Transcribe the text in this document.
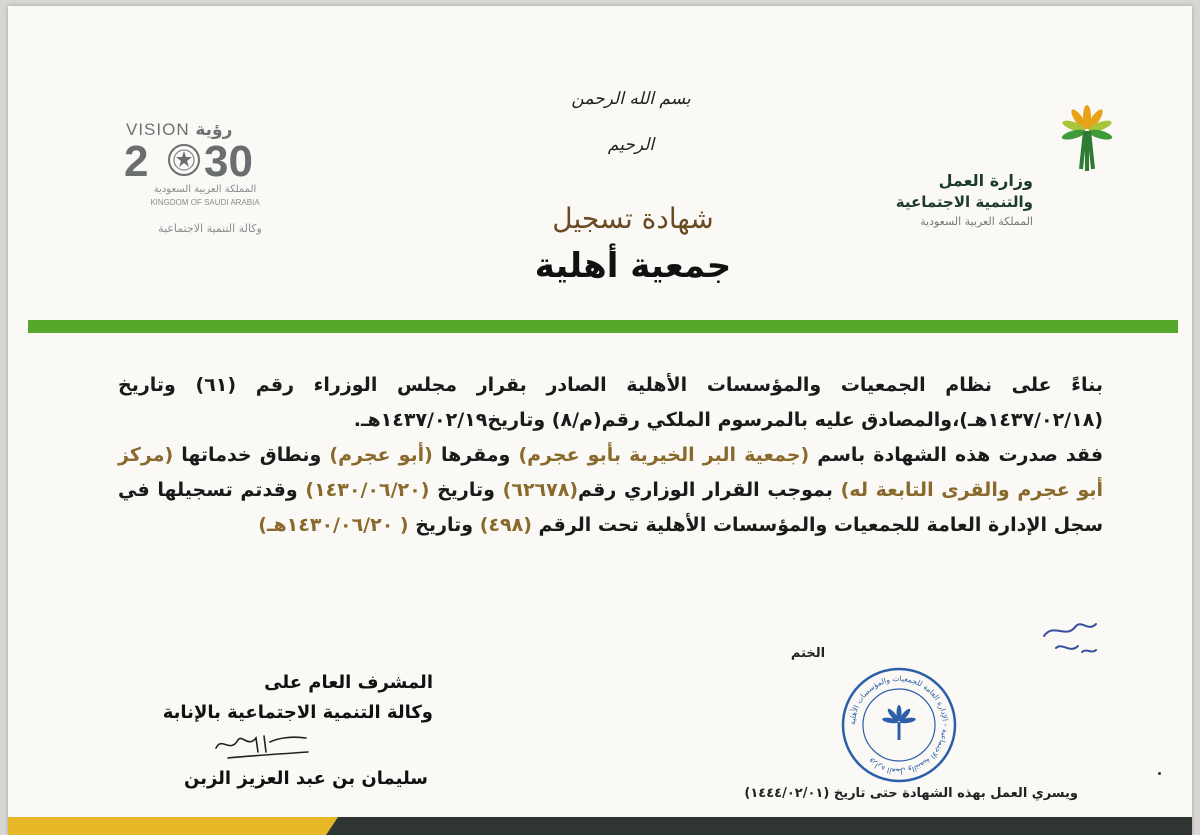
بسم الله الرحمن الرحيم
VISION رؤية
2 30
المملكة العربية السعودية
KINGDOM OF SAUDI ARABIA
وكالة التنمية الاجتماعية
وزارة العمل
والتنمية الاجتماعية
المملكة العربية السعودية
شهادة تسجيل
جمعية أهلية
بناءً على نظام الجمعيات والمؤسسات الأهلية الصادر بقرار مجلس الوزراء رقم (٦١) وتاريخ (١٤٣٧/٠٢/١٨هـ)،والمصادق عليه بالمرسوم الملكي رقم(م/٨) وتاريخ١٤٣٧/٠٢/١٩هـ.
فقد صدرت هذه الشهادة باسم (جمعية البر الخيرية بأبو عجرم) ومقرها (أبو عجرم) ونطاق خدماتها (مركز أبو عجرم والقرى التابعة له) بموجب القرار الوزاري رقم(٦٢٦٧٨) وتاريخ (١٤٣٠/٠٦/٢٠) وقدتم تسجيلها في سجل الإدارة العامة للجمعيات والمؤسسات الأهلية تحت الرقم (٤٩٨) وتاريخ ( ١٤٣٠/٠٦/٢٠هـ)
الختم
وزارة العمل والتنمية الاجتماعية - الإدارة العامة للجمعيات والمؤسسات الأهلية
ويسري العمل بهذه الشهادة حتى تاريخ (١٤٤٤/٠٢/٠١)
المشرف العام على
وكالة التنمية الاجتماعية بالإنابة
سليمان بن عبد العزيز الزبن
